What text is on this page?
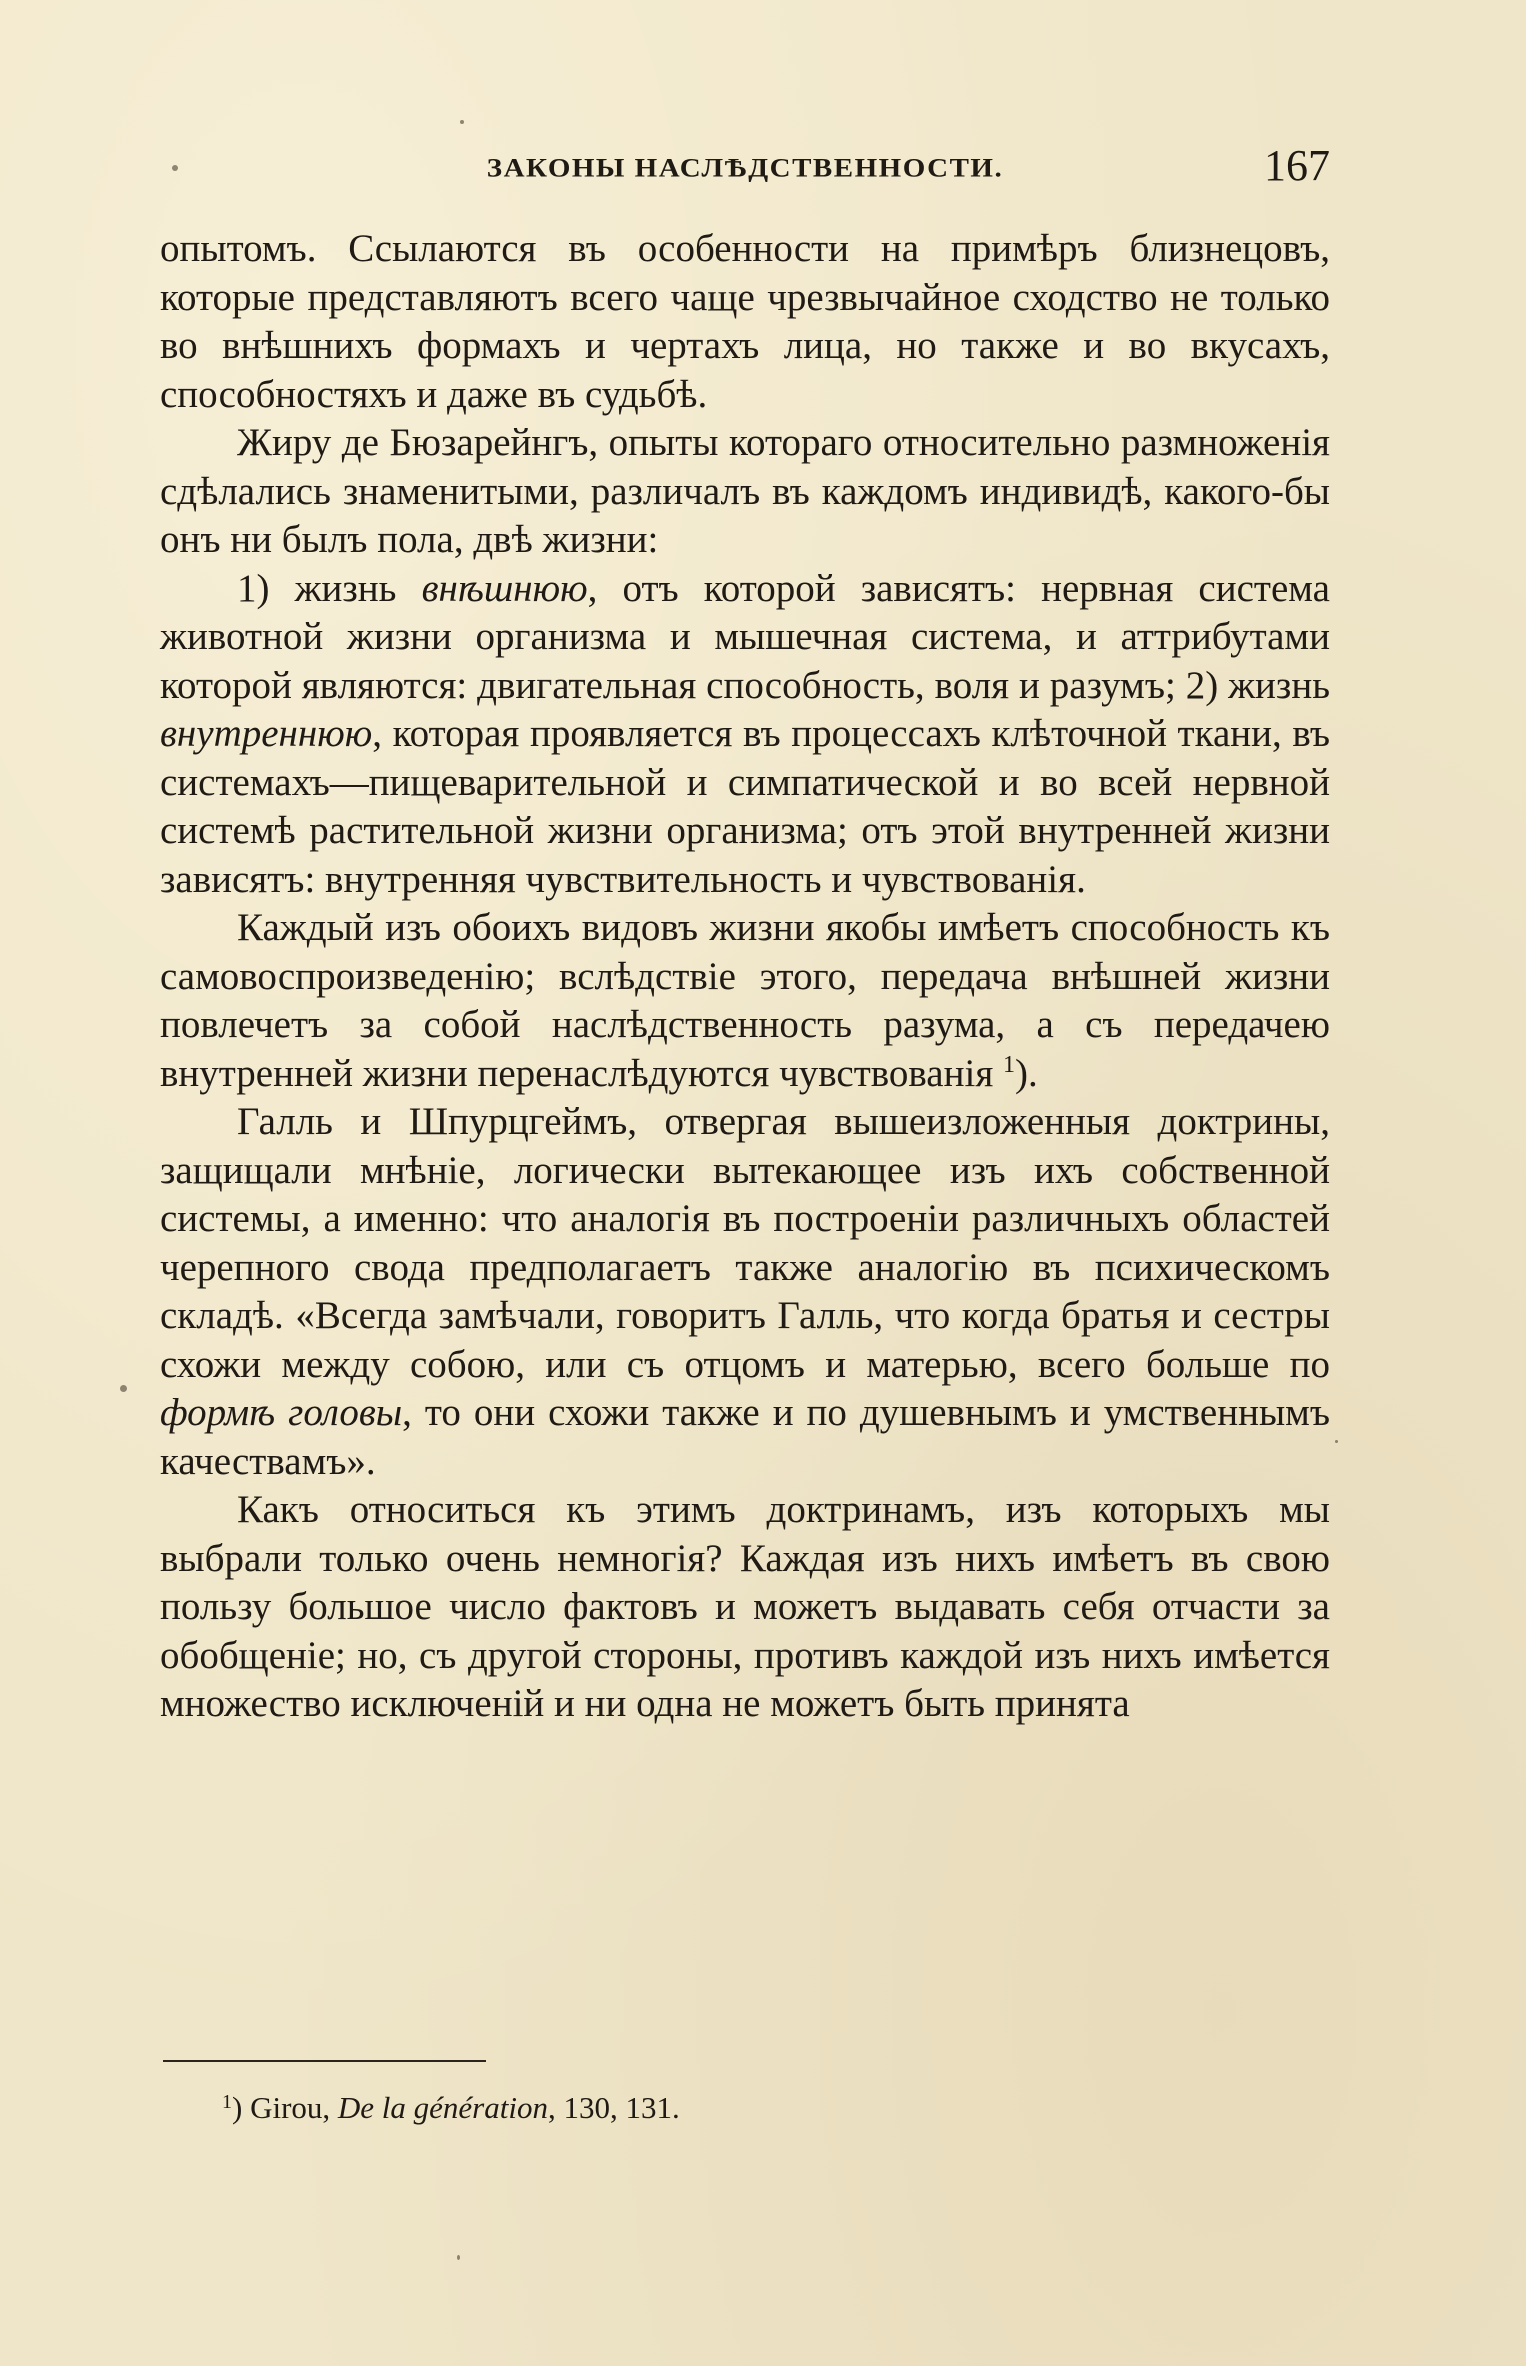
ЗАКОНЫ НАСЛѢДСТВЕННОСТИ.	167

опытомъ. Ссылаются въ особенности на примѣръ близнецовъ, которые представляютъ всего чаще чрезвычайное сходство не только во внѣшнихъ формахъ и чертахъ лица, но также и во вкусахъ, способностяхъ и даже въ судьбѣ.

Жиру де Бюзарейнгъ, опыты котораго относительно размноженія сдѣлались знаменитыми, различалъ въ каждомъ индивидѣ, какого-бы онъ ни былъ пола, двѣ жизни:

1) жизнь внѣшнюю, отъ которой зависятъ: нервная система животной жизни организма и мышечная система, и аттрибутами которой являются: двигательная способность, воля и разумъ; 2) жизнь внутреннюю, которая проявляется въ процессахъ клѣточной ткани, въ системахъ—пищеварительной и симпатической и во всей нервной системѣ растительной жизни организма; отъ этой внутренней жизни зависятъ: внутренняя чувствительность и чувствованія.

Каждый изъ обоихъ видовъ жизни якобы имѣетъ способность къ самовоспроизведенію; вслѣдствіе этого, передача внѣшней жизни повлечетъ за собой наслѣдственность разума, а съ передачею внутренней жизни перенаслѣдуются чувствованія $^1$).

Галль и Шпурцгеймъ, отвергая вышеизложенныя доктрины, защищали мнѣніе, логически вытекающее изъ ихъ собственной системы, а именно: что аналогія въ построеніи различныхъ областей черепного свода предполагаетъ также аналогію въ психическомъ складѣ. «Всегда замѣчали, говоритъ Галль, что когда братья и сестры схожи между собою, или съ отцомъ и матерью, всего больше по формѣ головы, то они схожи также и по душевнымъ и умственнымъ качествамъ».

Какъ относиться къ этимъ доктринамъ, изъ которыхъ мы выбрали только очень немногія? Каждая изъ нихъ имѣетъ въ свою пользу большое число фактовъ и можетъ выдавать себя отчасти за обобщеніе; но, съ другой стороны, противъ каждой изъ нихъ имѣется множество исключеній и ни одна не можетъ быть принята

$^1$) Girou, De la génération, 130, 131.
